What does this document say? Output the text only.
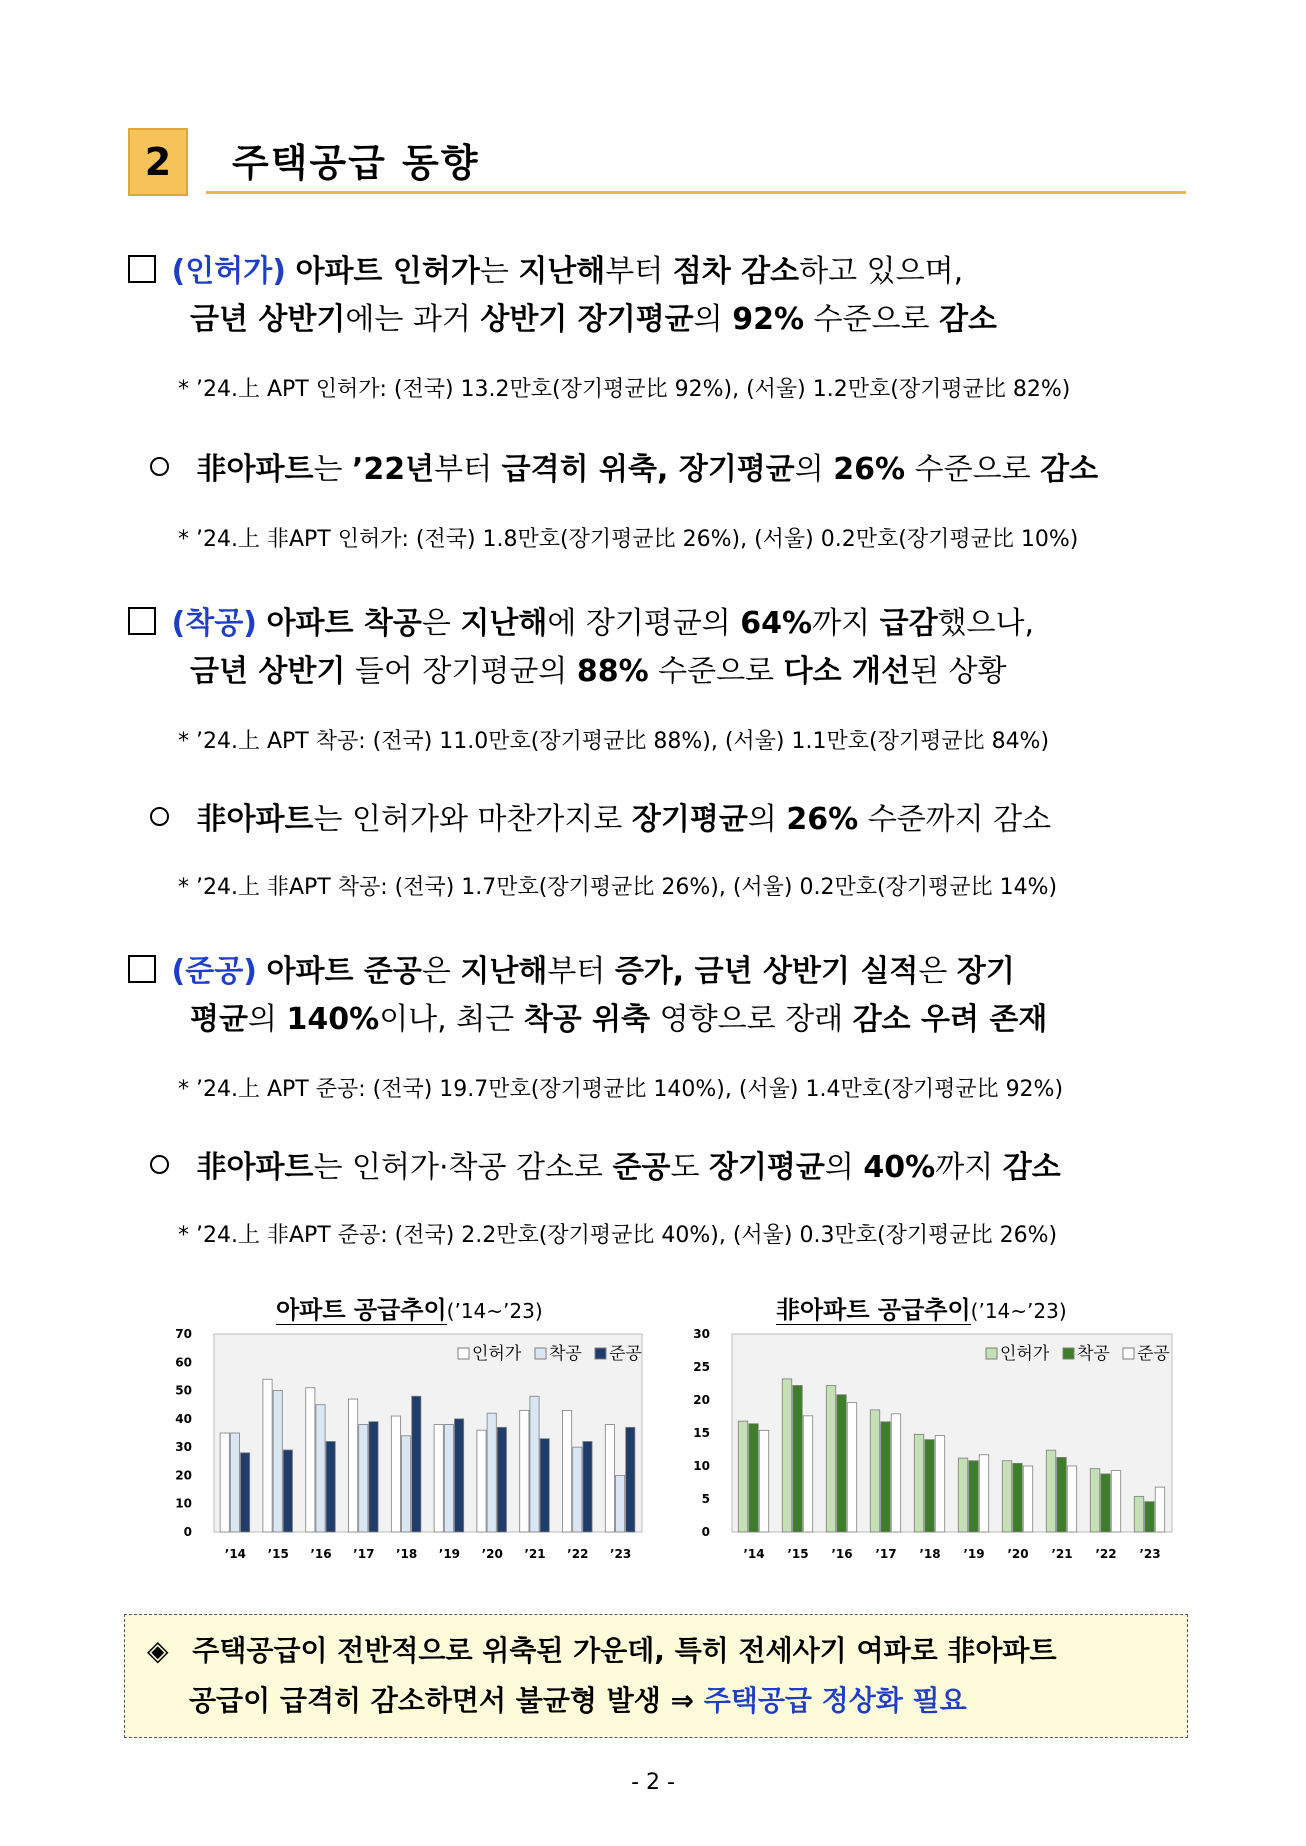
2	주택공급 동향
(인허가) 아파트 인허가는 지난해부터 점차 감소하고 있으며,
금년 상반기에는 과거 상반기 장기평균의 92% 수준으로 감소
* ’24.上 APT 인허가: (전국) 13.2만호(장기평균比 92%), (서울) 1.2만호(장기평균比 82%)
非아파트는 ’22년부터 급격히 위축, 장기평균의 26% 수준으로 감소
* ’24.上 非APT 인허가: (전국) 1.8만호(장기평균比 26%), (서울) 0.2만호(장기평균比 10%)
(착공) 아파트 착공은 지난해에 장기평균의 64%까지 급감했으나,
금년 상반기 들어 장기평균의 88% 수준으로 다소 개선된 상황
* ’24.上 APT 착공: (전국) 11.0만호(장기평균比 88%), (서울) 1.1만호(장기평균比 84%)
非아파트는 인허가와 마찬가지로 장기평균의 26% 수준까지 감소
* ’24.上 非APT 착공: (전국) 1.7만호(장기평균比 26%), (서울) 0.2만호(장기평균比 14%)
(준공) 아파트 준공은 지난해부터 증가, 금년 상반기 실적은 장기
평균의 140%이나, 최근 착공 위축 영향으로 장래 감소 우려 존재
* ’24.上 APT 준공: (전국) 19.7만호(장기평균比 140%), (서울) 1.4만호(장기평균比 92%)
非아파트는 인허가·착공 감소로 준공도 장기평균의 40%까지 감소
* ’24.上 非APT 준공: (전국) 2.2만호(장기평균比 40%), (서울) 0.3만호(장기평균比 26%)
아파트 공급추이(’14~’23)	非아파트 공급추이(’14~’23)
0
10
20
30
40
50
60
70
’14 ’15 ’16 ’17 ’18 ’19 ’20 ’21 ’22 ’23
인허가 착공 준공
0
5
10
15
20
25
30
’14 ’15 ’16 ’17 ’18 ’19 ’20 ’21 ’22 ’23
인허가 착공 준공
◈ 주택공급이 전반적으로 위축된 가운데, 특히 전세사기 여파로 非아파트
공급이 급격히 감소하면서 불균형 발생 ⇒ 주택공급 정상화 필요
- 2 -
